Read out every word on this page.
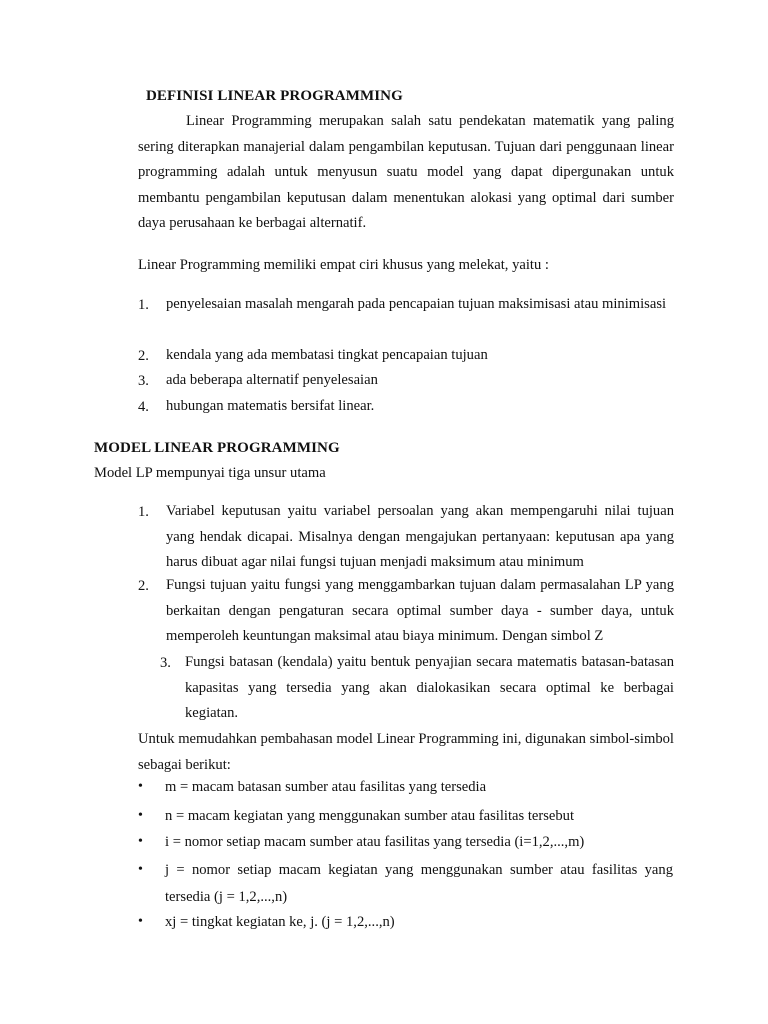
DEFINISI LINEAR PROGRAMMING

Linear Programming merupakan salah satu pendekatan matematik yang paling sering diterapkan manajerial dalam pengambilan keputusan. Tujuan dari penggunaan linear programming adalah untuk menyusun suatu model yang dapat dipergunakan untuk membantu pengambilan keputusan dalam menentukan alokasi yang optimal dari sumber daya perusahaan ke berbagai alternatif.

Linear Programming memiliki empat ciri khusus yang melekat, yaitu :

1. penyelesaian masalah mengarah pada pencapaian tujuan maksimisasi atau minimisasi
2. kendala yang ada membatasi tingkat pencapaian tujuan
3. ada beberapa alternatif penyelesaian
4. hubungan matematis bersifat linear.
MODEL LINEAR PROGRAMMING

Model LP mempunyai tiga unsur utama

1. Variabel keputusan yaitu variabel persoalan yang akan mempengaruhi nilai tujuan yang hendak dicapai. Misalnya dengan mengajukan pertanyaan: keputusan apa yang harus dibuat agar nilai fungsi tujuan menjadi maksimum atau minimum
2. Fungsi tujuan yaitu fungsi yang menggambarkan tujuan dalam permasalahan LP yang berkaitan dengan pengaturan secara optimal sumber daya - sumber daya, untuk memperoleh keuntungan maksimal atau biaya minimum. Dengan simbol Z
3. Fungsi batasan (kendala) yaitu bentuk penyajian secara matematis batasan-batasan kapasitas yang tersedia yang akan dialokasikan secara optimal ke berbagai kegiatan.

Untuk memudahkan pembahasan model Linear Programming ini, digunakan simbol-simbol sebagai berikut:

• m = macam batasan sumber atau fasilitas yang tersedia
• n = macam kegiatan yang menggunakan sumber atau fasilitas tersebut
• i = nomor setiap macam sumber atau fasilitas yang tersedia (i=1,2,...,m)
• j = nomor setiap macam kegiatan yang menggunakan sumber atau fasilitas yang tersedia (j = 1,2,...,n)
• xj = tingkat kegiatan ke, j. (j = 1,2,...,n)
